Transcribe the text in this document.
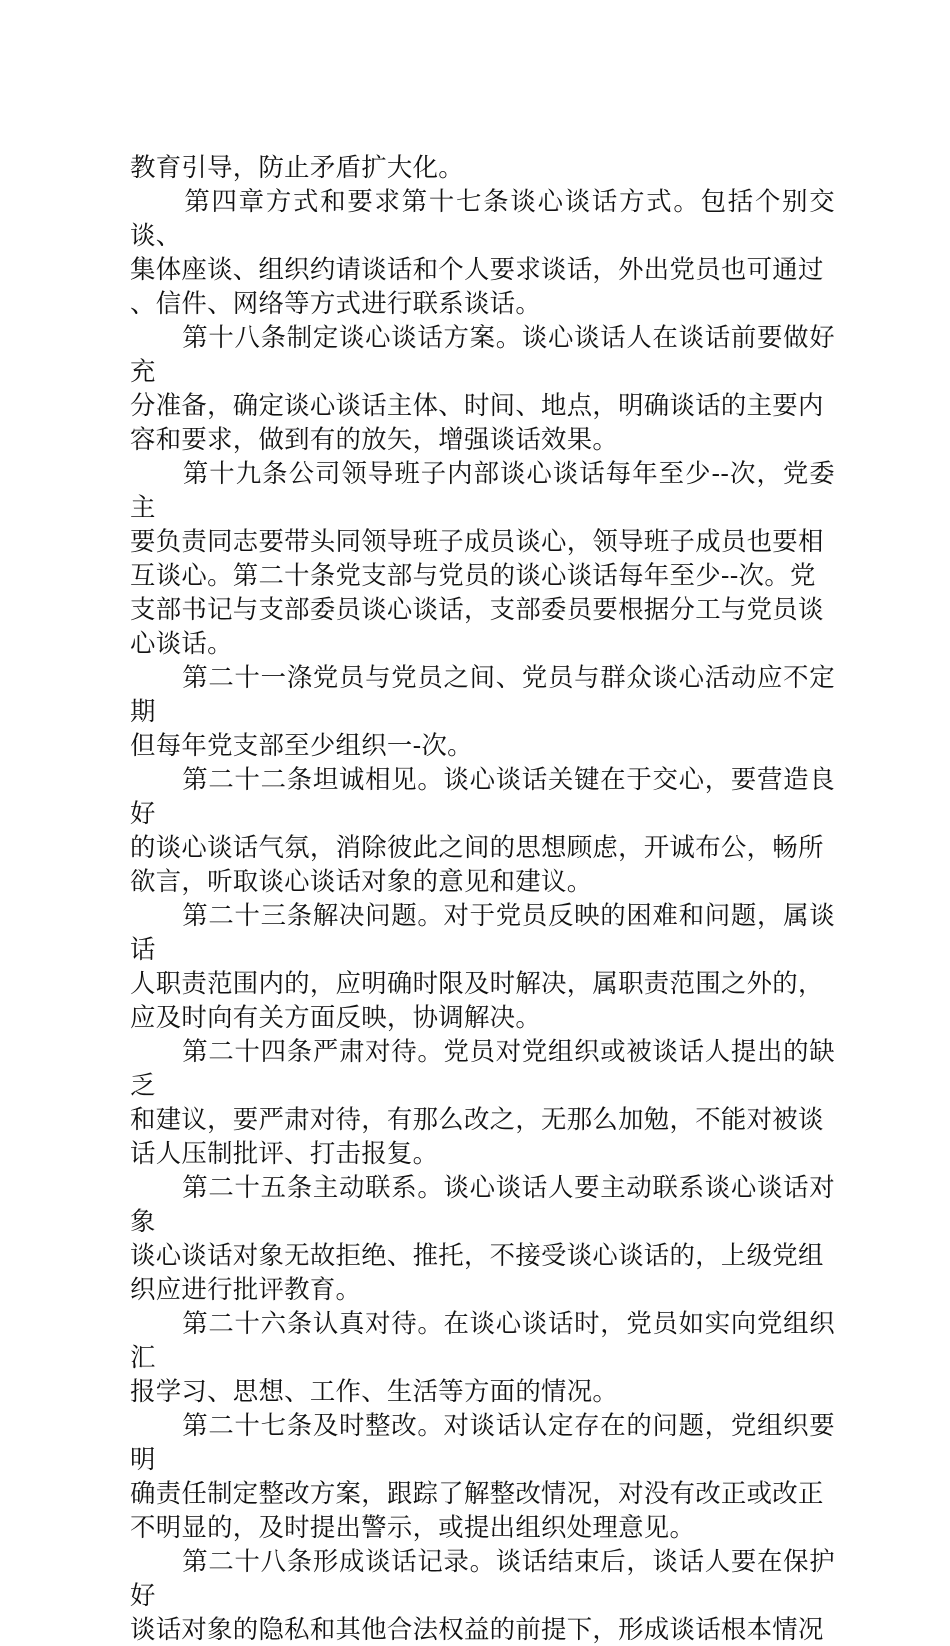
教育引导，防止矛盾扩大化。

　　第四章方式和要求第十七条谈心谈话方式。包括个别交谈、
集体座谈、组织约请谈话和个人要求谈话，外出党员也可通过
、信件、网络等方式进行联系谈话。

　　第十八条制定谈心谈话方案。谈心谈话人在谈话前要做好充
分准备，确定谈心谈话主体、时间、地点，明确谈话的主要内
容和要求，做到有的放矢，增强谈话效果。

　　第十九条公司领导班子内部谈心谈话每年至少--次，党委主
要负责同志要带头同领导班子成员谈心，领导班子成员也要相
互谈心。第二十条党支部与党员的谈心谈话每年至少--次。党
支部书记与支部委员谈心谈话，支部委员要根据分工与党员谈
心谈话。

　　第二十一涤党员与党员之间、党员与群众谈心活动应不定期
但每年党支部至少组织一-次。

　　第二十二条坦诚相见。谈心谈话关键在于交心，要营造良好
的谈心谈话气氛，消除彼此之间的思想顾虑，开诚布公，畅所
欲言，听取谈心谈话对象的意见和建议。

　　第二十三条解决问题。对于党员反映的困难和问题，属谈话
人职责范围内的，应明确时限及时解决，属职责范围之外的，
应及时向有关方面反映，协调解决。

　　第二十四条严肃对待。党员对党组织或被谈话人提出的缺乏
和建议，要严肃对待，有那么改之，无那么加勉，不能对被谈
话人压制批评、打击报复。

　　第二十五条主动联系。谈心谈话人要主动联系谈心谈话对象
谈心谈话对象无故拒绝、推托，不接受谈心谈话的，上级党组
织应进行批评教育。

　　第二十六条认真对待。在谈心谈话时，党员如实向党组织汇
报学习、思想、工作、生活等方面的情况。

　　第二十七条及时整改。对谈话认定存在的问题，党组织要明
确责任制定整改方案，跟踪了解整改情况，对没有改正或改正
不明显的，及时提出警示，或提出组织处理意见。

　　第二十八条形成谈话记录。谈话结束后，谈话人要在保护好
谈话对象的隐私和其他合法权益的前提下，形成谈话根本情况
